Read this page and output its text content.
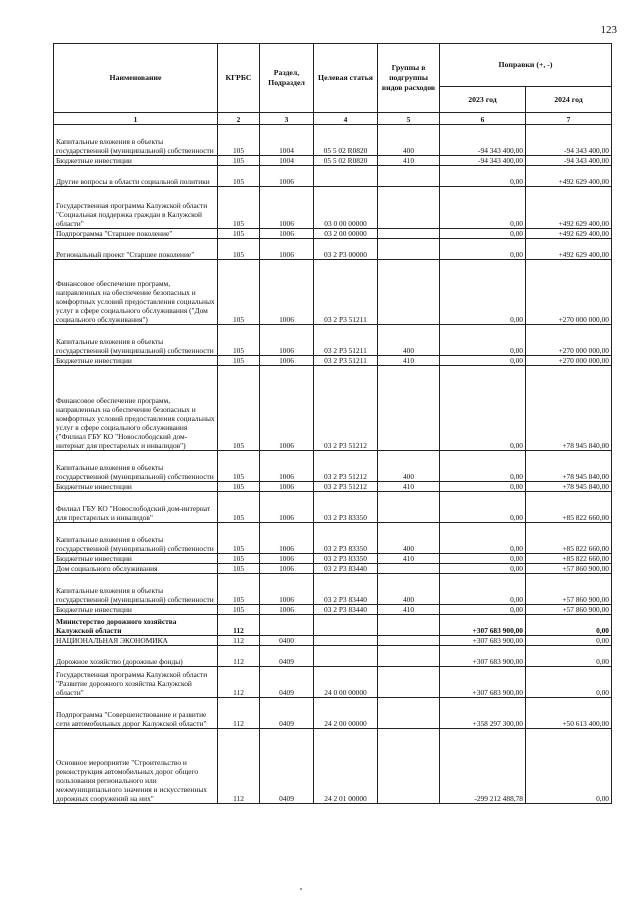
123
Наименование	КГРБС	Раздел, Подраздел	Целевая статья	Группы в подгруппы видов расходов	Поправки (+, -)	
					2023 год	2024 год
1	2	3	4	5	6	7
Капитальные вложения в объекты государственной (муниципальной) собственности	105	1004	05 5 02 R0820	400	-94 343 400,00	-94 343 400,00
Бюджетные инвестиции	105	1004	05 5 02 R0820	410	-94 343 400,00	-94 343 400,00
Другие вопросы в области социальной политики	105	1006			0,00	+492 629 400,00
Государственная программа Калужской области "Социальная поддержка граждан в Калужской области"	105	1006	03 0 00 00000		0,00	+492 629 400,00
Подпрограмма "Старшее поколение"	105	1006	03 2 00 00000		0,00	+492 629 400,00
Региональный проект "Старшее поколение"	105	1006	03 2 P3 00000		0,00	+492 629 400,00
Финансовое обеспечение программ, направленных на обеспечение безопасных и комфортных условий предоставления социальных услуг в сфере социального обслуживания ("Дом социального обслуживания")	105	1006	03 2 P3 51211		0,00	+270 000 000,00
Капитальные вложения в объекты государственной (муниципальной) собственности	105	1006	03 2 P3 51211	400	0,00	+270 000 000,00
Бюджетные инвестиции	105	1006	03 2 P3 51211	410	0,00	+270 000 000,00
Финансовое обеспечение программ, направленных на обеспечение безопасных и комфортных условий предоставления социальных услуг в сфере социального обслуживания ("Филиал ГБУ КО "Новослободский дом-интернат для престарелых и инвалидов")	105	1006	03 2 P3 51212		0,00	+78 945 840,00
Капитальные вложения в объекты государственной (муниципальной) собственности	105	1006	03 2 P3 51212	400	0,00	+78 945 840,00
Бюджетные инвестиции	105	1006	03 2 P3 51212	410	0,00	+78 945 840,00
Филиал ГБУ КО "Новослободский дом-интернат для престарелых и инвалидов"	105	1006	03 2 P3 83350		0,00	+85 822 660,00
Капитальные вложения в объекты государственной (муниципальной) собственности	105	1006	03 2 P3 83350	400	0,00	+85 822 660,00
Бюджетные инвестиции	105	1006	03 2 P3 83350	410	0,00	+85 822 660,00
Дом социального обслуживания	105	1006	03 2 P3 83440		0,00	+57 860 900,00
Капитальные вложения в объекты государственной (муниципальной) собственности	105	1006	03 2 P3 83440	400	0,00	+57 860 900,00
Бюджетные инвестиции	105	1006	03 2 P3 83440	410	0,00	+57 860 900,00
Министерство дорожного хозяйства Калужской области	112				+307 683 900,00	0,00
НАЦИОНАЛЬНАЯ ЭКОНОМИКА	112	0400			+307 683 900,00	0,00
Дорожное хозяйство (дорожные фонды)	112	0409			+307 683 900,00	0,00
Государственная программа Калужской области "Развитие дорожного хозяйства Калужской области"	112	0409	24 0 00 00000		+307 683 900,00	0,00
Подпрограмма "Совершенствование и развитие сети автомобильных дорог Калужской области"	112	0409	24 2 00 00000		+358 297 300,00	+50 613 400,00
Основное мероприятие "Строительство и реконструкция автомобильных дорог общего пользования регионального или межмуниципального значения и искусственных дорожных сооружений на них"	112	0409	24 2 01 00000		-299 212 488,78	0,00
